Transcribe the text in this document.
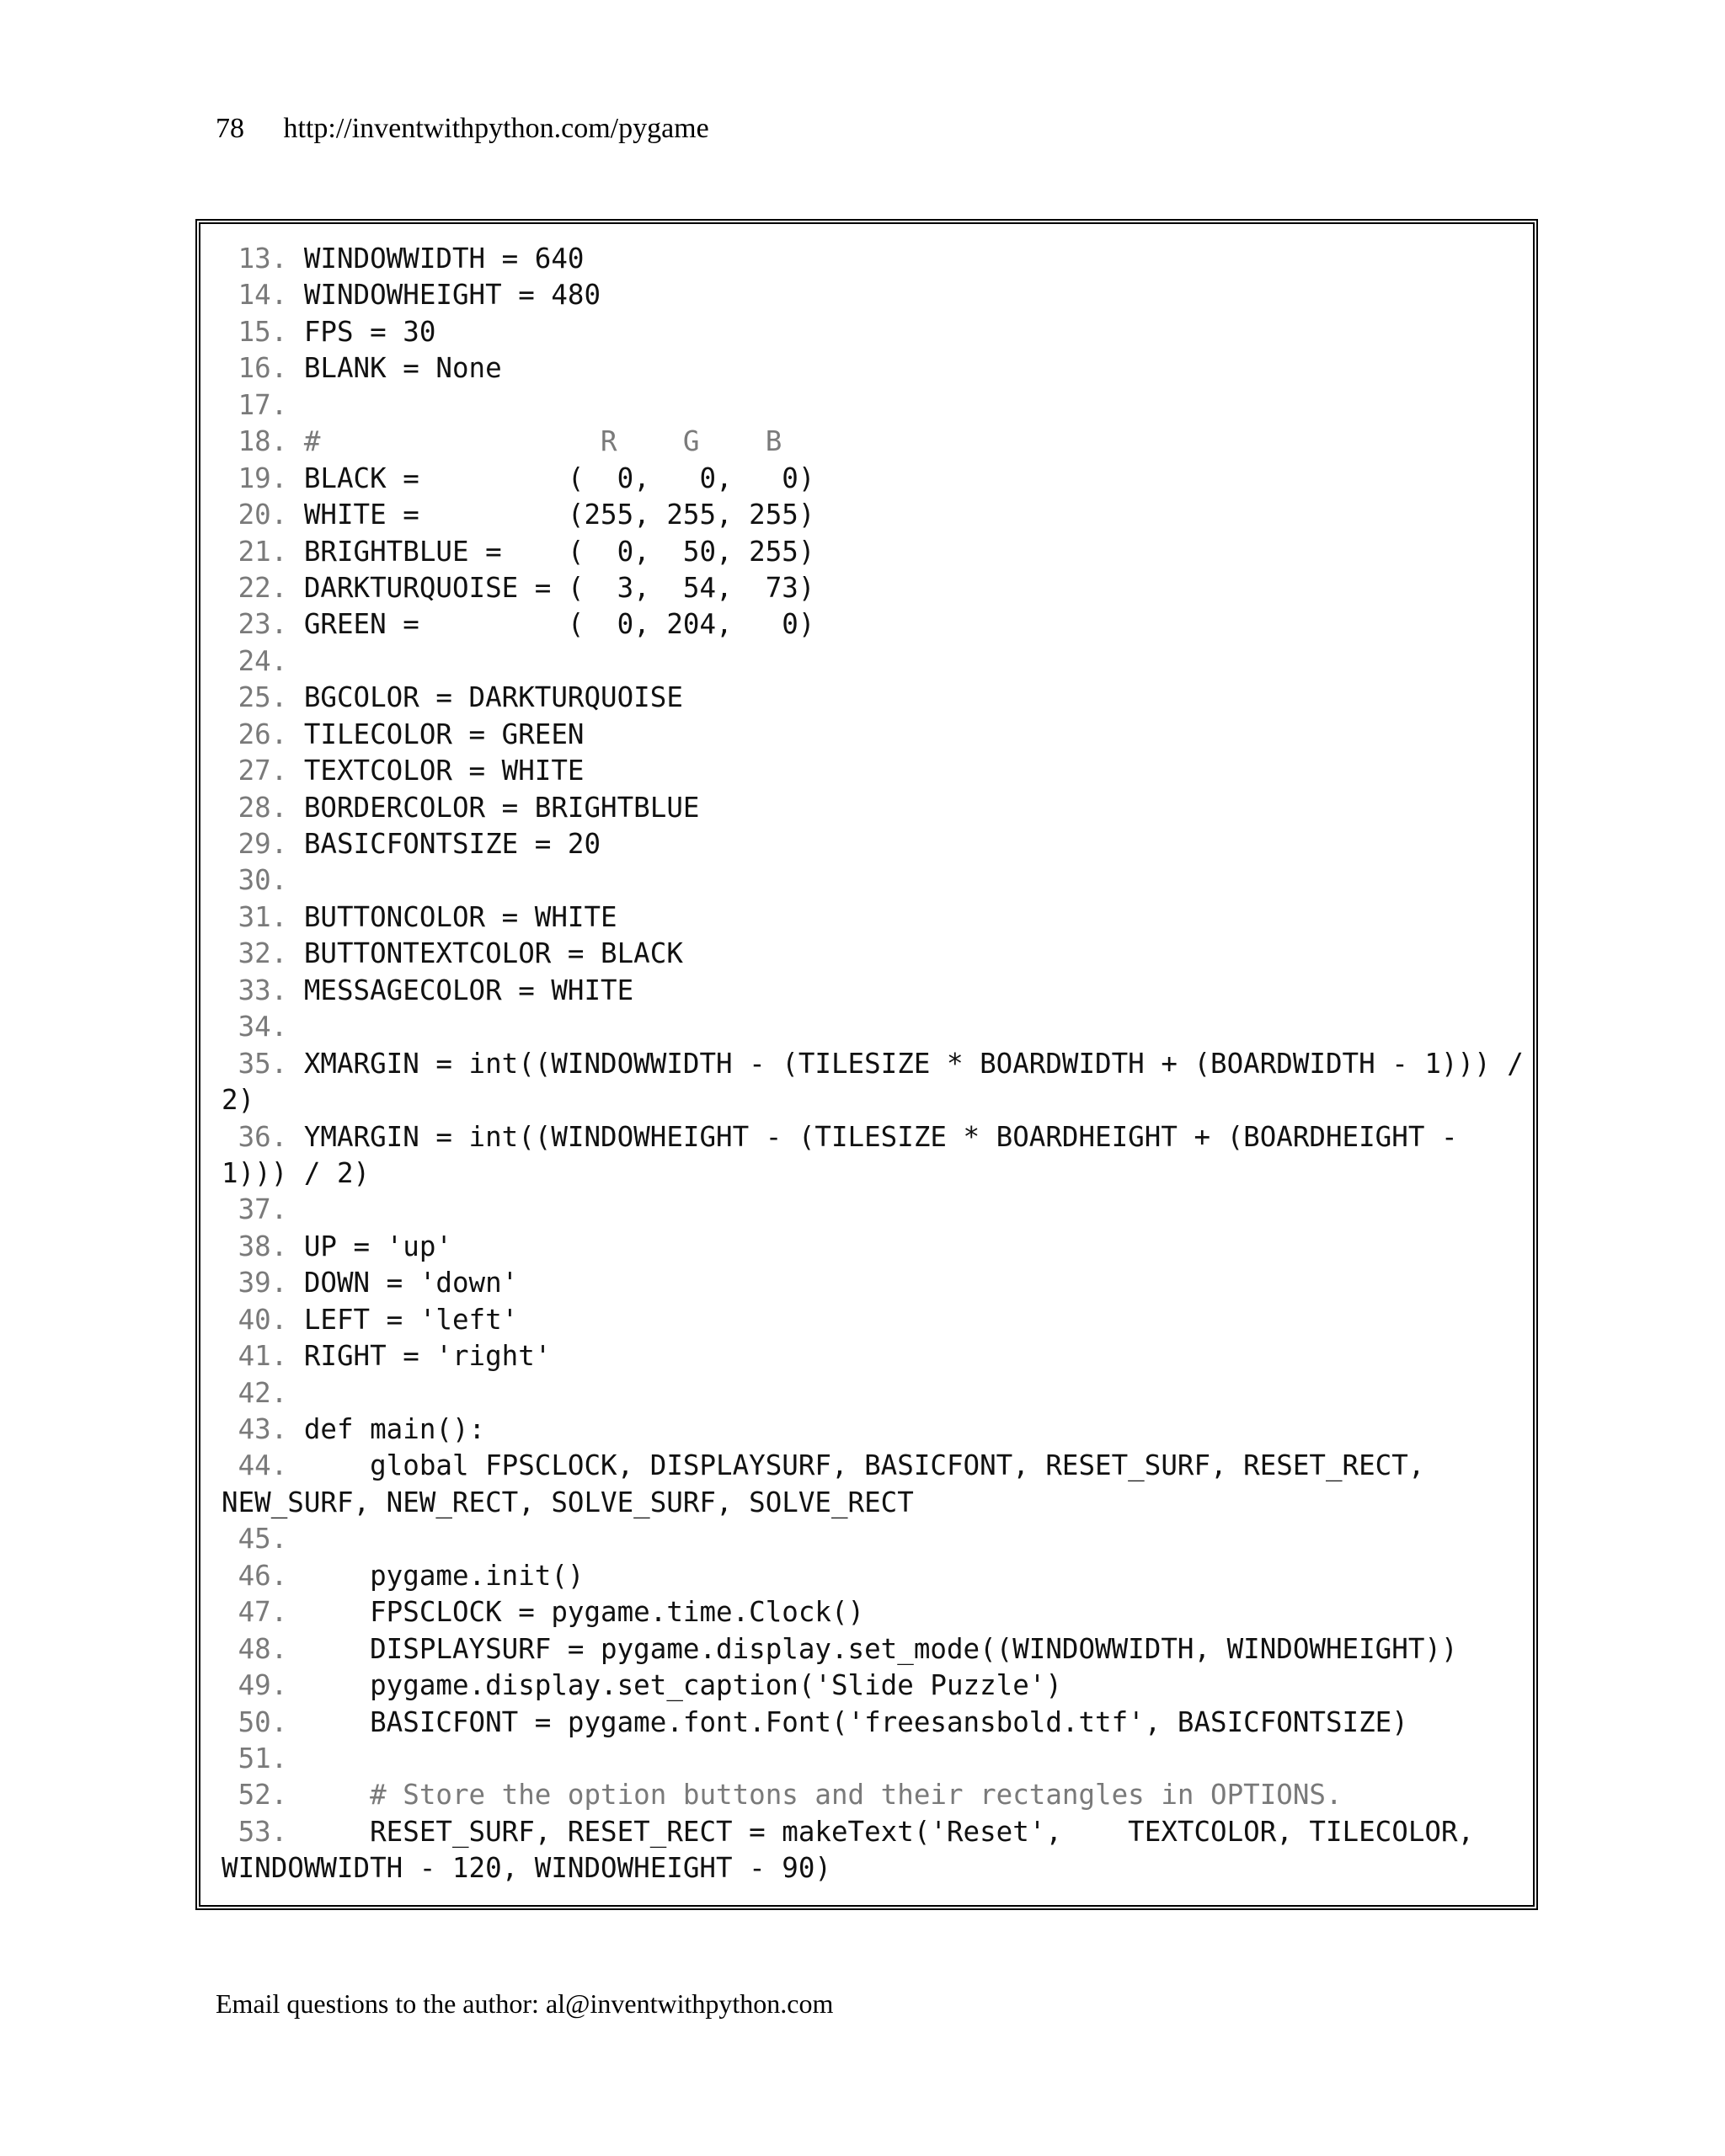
78 http://inventwithpython.com/pygame
13. WINDOWWIDTH = 640
14. WINDOWHEIGHT = 480
15. FPS = 30
16. BLANK = None
17.
18. #                 R    G    B
19. BLACK =         (  0,   0,   0)
20. WHITE =         (255, 255, 255)
21. BRIGHTBLUE =    (  0,  50, 255)
22. DARKTURQUOISE = (  3,  54,  73)
23. GREEN =         (  0, 204,   0)
24.
25. BGCOLOR = DARKTURQUOISE
26. TILECOLOR = GREEN
27. TEXTCOLOR = WHITE
28. BORDERCOLOR = BRIGHTBLUE
29. BASICFONTSIZE = 20
30.
31. BUTTONCOLOR = WHITE
32. BUTTONTEXTCOLOR = BLACK
33. MESSAGECOLOR = WHITE
34.
35. XMARGIN = int((WINDOWWIDTH - (TILESIZE * BOARDWIDTH + (BOARDWIDTH - 1))) /
2)
36. YMARGIN = int((WINDOWHEIGHT - (TILESIZE * BOARDHEIGHT + (BOARDHEIGHT -
1))) / 2)
37.
38. UP = 'up'
39. DOWN = 'down'
40. LEFT = 'left'
41. RIGHT = 'right'
42.
43. def main():
44.     global FPSCLOCK, DISPLAYSURF, BASICFONT, RESET_SURF, RESET_RECT,
NEW_SURF, NEW_RECT, SOLVE_SURF, SOLVE_RECT
45.
46.     pygame.init()
47.     FPSCLOCK = pygame.time.Clock()
48.     DISPLAYSURF = pygame.display.set_mode((WINDOWWIDTH, WINDOWHEIGHT))
49.     pygame.display.set_caption('Slide Puzzle')
50.     BASICFONT = pygame.font.Font('freesansbold.ttf', BASICFONTSIZE)
51.
52.     # Store the option buttons and their rectangles in OPTIONS.
53.     RESET_SURF, RESET_RECT = makeText('Reset',    TEXTCOLOR, TILECOLOR,
WINDOWWIDTH - 120, WINDOWHEIGHT - 90)
Email questions to the author: al@inventwithpython.com
